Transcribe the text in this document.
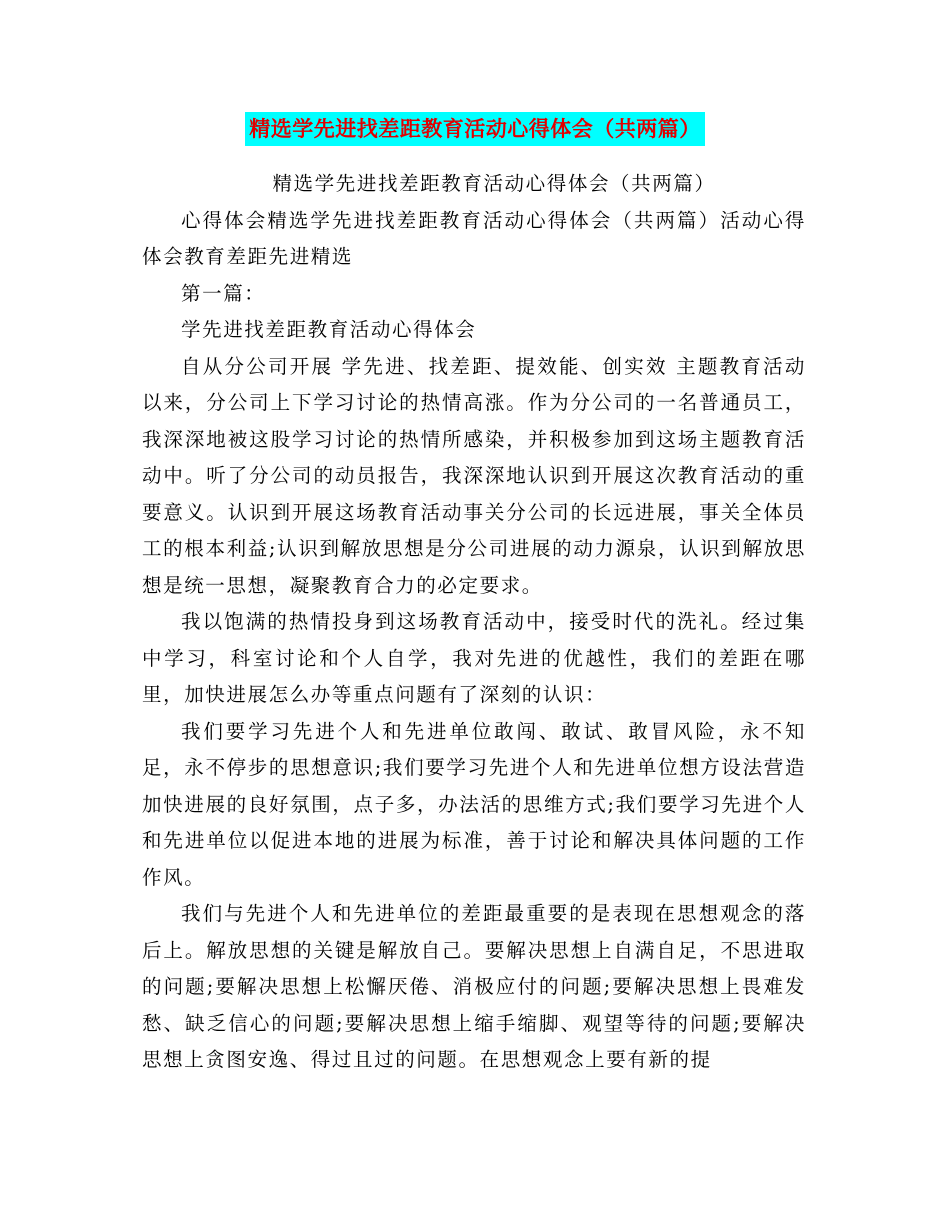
精选学先进找差距教育活动心得体会（共两篇）

精选学先进找差距教育活动心得体会（共两篇）

心得体会精选学先进找差距教育活动心得体会（共两篇）活动心得体会教育差距先进精选

第一篇：

学先进找差距教育活动心得体会

自从分公司开展 学先进、找差距、提效能、创实效 主题教育活动以来，分公司上下学习讨论的热情高涨。作为分公司的一名普通员工，我深深地被这股学习讨论的热情所感染，并积极参加到这场主题教育活动中。听了分公司的动员报告，我深深地认识到开展这次教育活动的重要意义。认识到开展这场教育活动事关分公司的长远进展，事关全体员工的根本利益;认识到解放思想是分公司进展的动力源泉，认识到解放思想是统一思想，凝聚教育合力的必定要求。

我以饱满的热情投身到这场教育活动中，接受时代的洗礼。经过集中学习，科室讨论和个人自学，我对先进的优越性，我们的差距在哪里，加快进展怎么办等重点问题有了深刻的认识：

我们要学习先进个人和先进单位敢闯、敢试、敢冒风险，永不知足，永不停步的思想意识;我们要学习先进个人和先进单位想方设法营造加快进展的良好氛围，点子多，办法活的思维方式;我们要学习先进个人和先进单位以促进本地的进展为标准，善于讨论和解决具体问题的工作作风。

我们与先进个人和先进单位的差距最重要的是表现在思想观念的落后上。解放思想的关键是解放自己。要解决思想上自满自足，不思进取的问题;要解决思想上松懈厌倦、消极应付的问题;要解决思想上畏难发愁、缺乏信心的问题;要解决思想上缩手缩脚、观望等待的问题;要解决思想上贪图安逸、得过且过的问题。在思想观念上要有新的提
